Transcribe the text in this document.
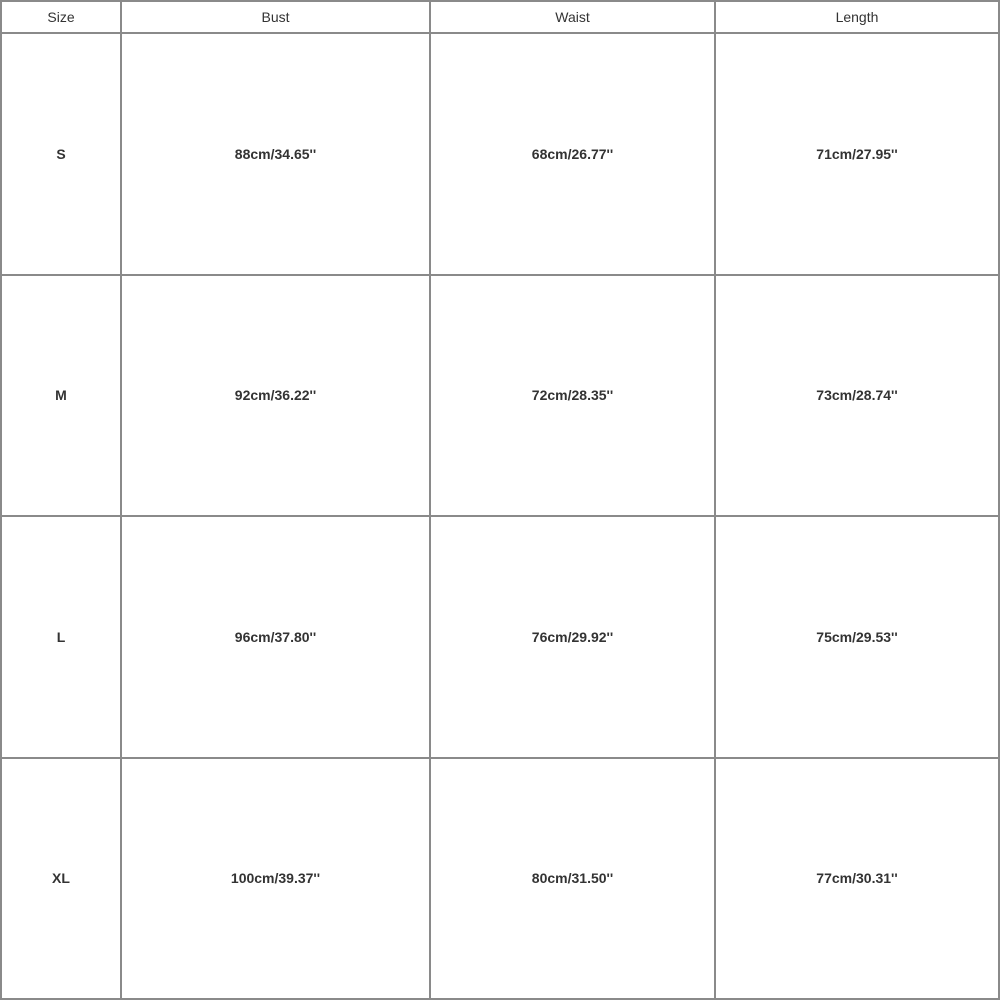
Size	Bust	Waist	Length
S	88cm/34.65''	68cm/26.77''	71cm/27.95''
M	92cm/36.22''	72cm/28.35''	73cm/28.74''
L	96cm/37.80''	76cm/29.92''	75cm/29.53''
XL	100cm/39.37''	80cm/31.50''	77cm/30.31''
